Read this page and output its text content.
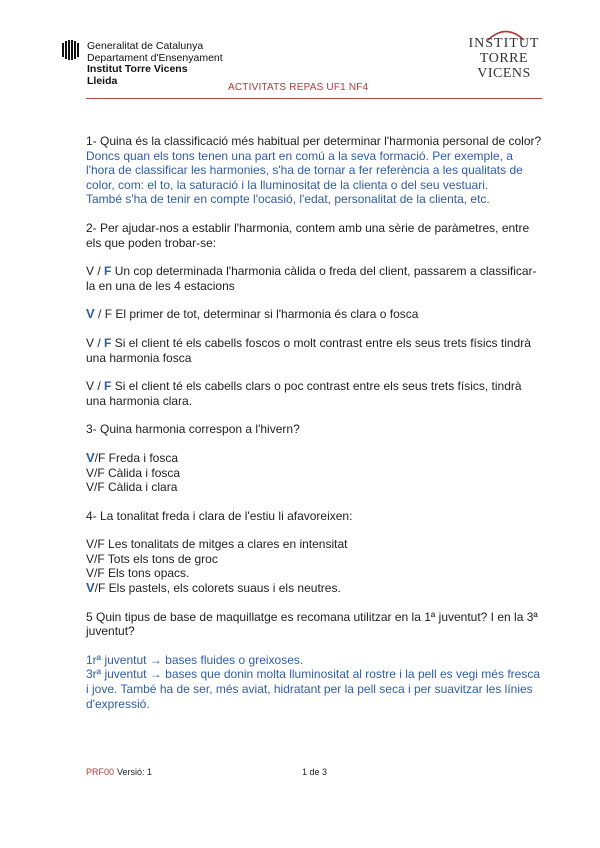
Generalitat de Catalunya
Departament d'Ensenyament
Institut Torre Vicens
Lleida
INSTITUT
TORRE VICENS
ACTIVITATS REPAS UF1 NF4

1- Quina és la classificació més habitual per determinar l'harmonia personal de color?

Doncs quan els tons tenen una part en comú a la seva formació. Per exemple, a l'hora de classificar les harmonies, s'ha de tornar a fer referència a les qualitats de color, com: el to, la saturació i la lluminositat de la clienta o del seu vestuari.

També s'ha de tenir en compte l'ocasió, l'edat, personalitat de la clienta, etc.

2- Per ajudar-nos a establir l'harmonia, contem amb una sèrie de paràmetres, entre els que poden trobar-se:

V / F Un cop determinada l'harmonia càlida o freda del client, passarem a classificar-la en una de les 4 estacions

V / F El primer de tot, determinar si l'harmonia és clara o fosca

V / F Si el client té els cabells foscos o molt contrast entre els seus trets físics tindrà una harmonia fosca

V / F Si el client té els cabells clars o poc contrast entre els seus trets físics, tindrà una harmonia clara.

3- Quina harmonia correspon a l'hivern?

V/F Freda i fosca
V/F Càlida i fosca
V/F Càlida i clara

4- La tonalitat freda i clara de l'estiu li afavoreixen:

V/F Les tonalitats de mitges a clares en intensitat
V/F Tots els tons de groc
V/F Els tons opacs.
V/F Els pastels, els colorets suaus i els neutres.

5 Quin tipus de base de maquillatge es recomana utilitzar en la 1ª juventut? I en la 3ª juventut?

1rª juventut → bases fluides o greixoses.

3rª juventut → bases que donin molta lluminositat al rostre i la pell es vegi més fresca i jove. També ha de ser, més aviat, hidratant per la pell seca i per suavitzar les línies d'expressió.

PRF00 Versió: 1	1 de 3
